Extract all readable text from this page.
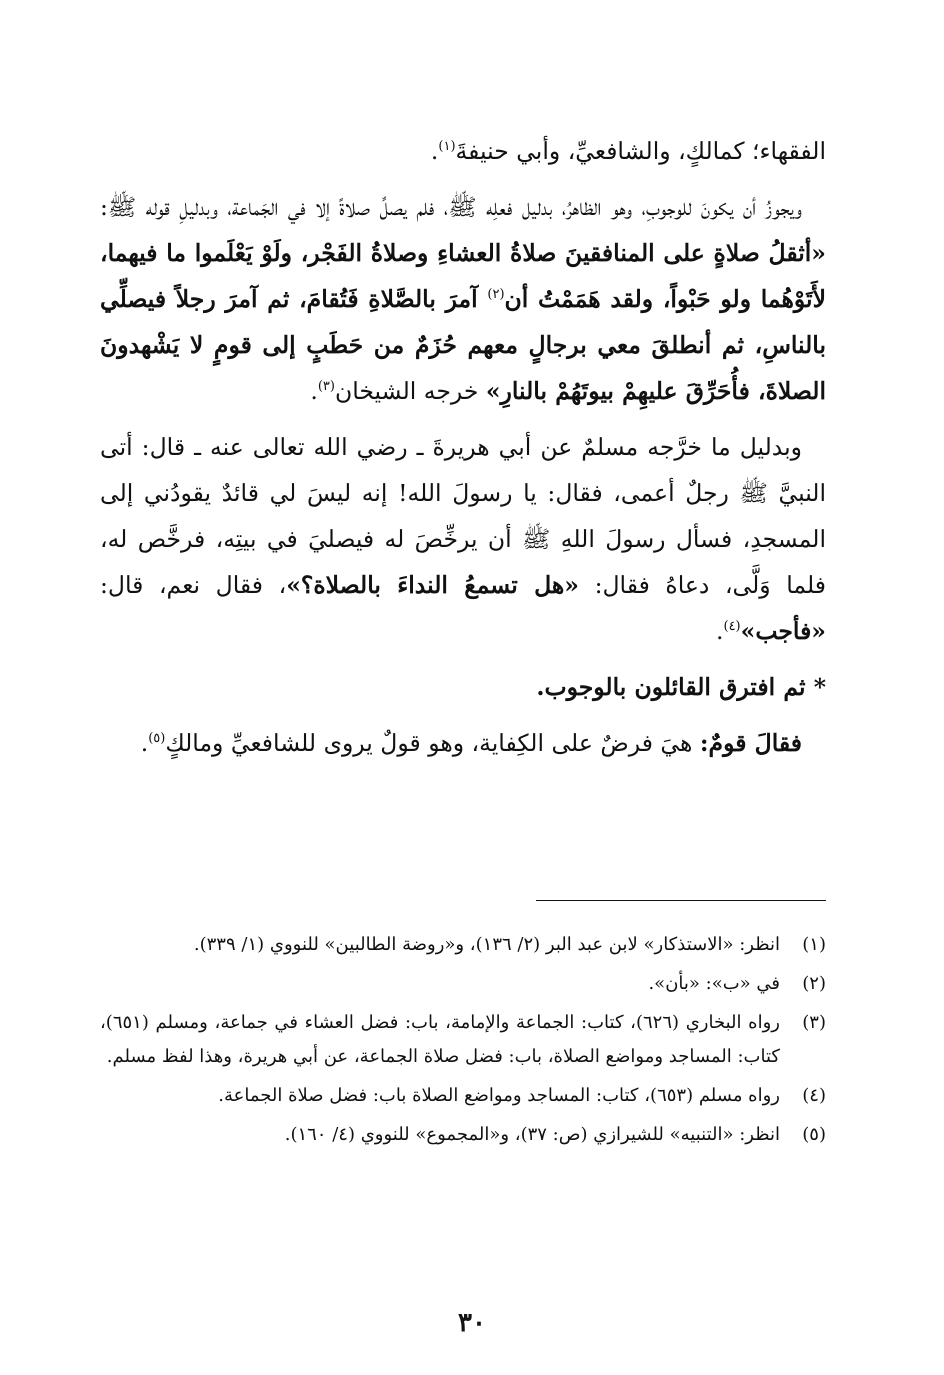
الفقهاء؛ كمالكٍ، والشافعيِّ، وأبي حنيفةَ$^{(١)}$.

ويجوزُ أن يكونَ للوجوبِ، وهو الظاهرُ، بدليل فعلِه ﷺ، فلم يصلِّ صلاةً إلا في الجَماعة، وبدليلِ قوله ﷺ: «أثقلُ صلاةٍ على المنافقينَ صلاةُ العشاءِ وصلاةُ الفَجْر، ولَوْ يَعْلَموا ما فيهما، لأَتَوْهُما ولو حَبْواً، ولقد هَمَمْتُ أن$^{(٢)}$ آمرَ بالصَّلاةِ فَتُقامَ، ثم آمرَ رجلاً فيصلِّي بالناسِ، ثم أنطلقَ معي برجالٍ معهم حُزَمٌ من حَطَبٍ إلى قومٍ لا يَشْهدونَ الصلاةَ، فأُحَرِّقَ عليهِمْ بيوتَهُمْ بالنارِ» خرجه الشيخان$^{(٣)}$.

وبدليل ما خرَّجه مسلمٌ عن أبي هريرةَ ـ رضي الله تعالى عنه ـ قال: أتى النبيَّ ﷺ رجلٌ أعمى، فقال: يا رسولَ الله! إنه ليسَ لي قائدٌ يقودُني إلى المسجدِ، فسأل رسولَ اللهِ ﷺ أن يرخِّصَ له فيصليَ في بيتِه، فرخَّص له، فلما وَلَّى، دعاهُ فقال: «هل تسمعُ النداءَ بالصلاة؟»، فقال نعم، قال: «فأجب»$^{(٤)}$.

* ثم افترق القائلون بالوجوب.

فقالَ قومٌ: هيَ فرضٌ على الكِفاية، وهو قولٌ يروى للشافعيِّ ومالكٍ$^{(٥)}$.

(١)
انظر: «الاستذكار» لابن عبد البر (٢/ ١٣٦)، و«روضة الطالبين» للنووي (١/ ٣٣٩).
(٢)
في «ب»: «بأن».
(٣)
رواه البخاري (٦٢٦)، كتاب: الجماعة والإمامة، باب: فضل العشاء في جماعة، ومسلم (٦٥١)، كتاب: المساجد ومواضع الصلاة، باب: فضل صلاة الجماعة، عن أبي هريرة، وهذا لفظ مسلم.
(٤)
رواه مسلم (٦٥٣)، كتاب: المساجد ومواضع الصلاة باب: فضل صلاة الجماعة.
(٥)
انظر: «التنبيه» للشيرازي (ص: ٣٧)، و«المجموع» للنووي (٤/ ١٦٠).
٣٠
